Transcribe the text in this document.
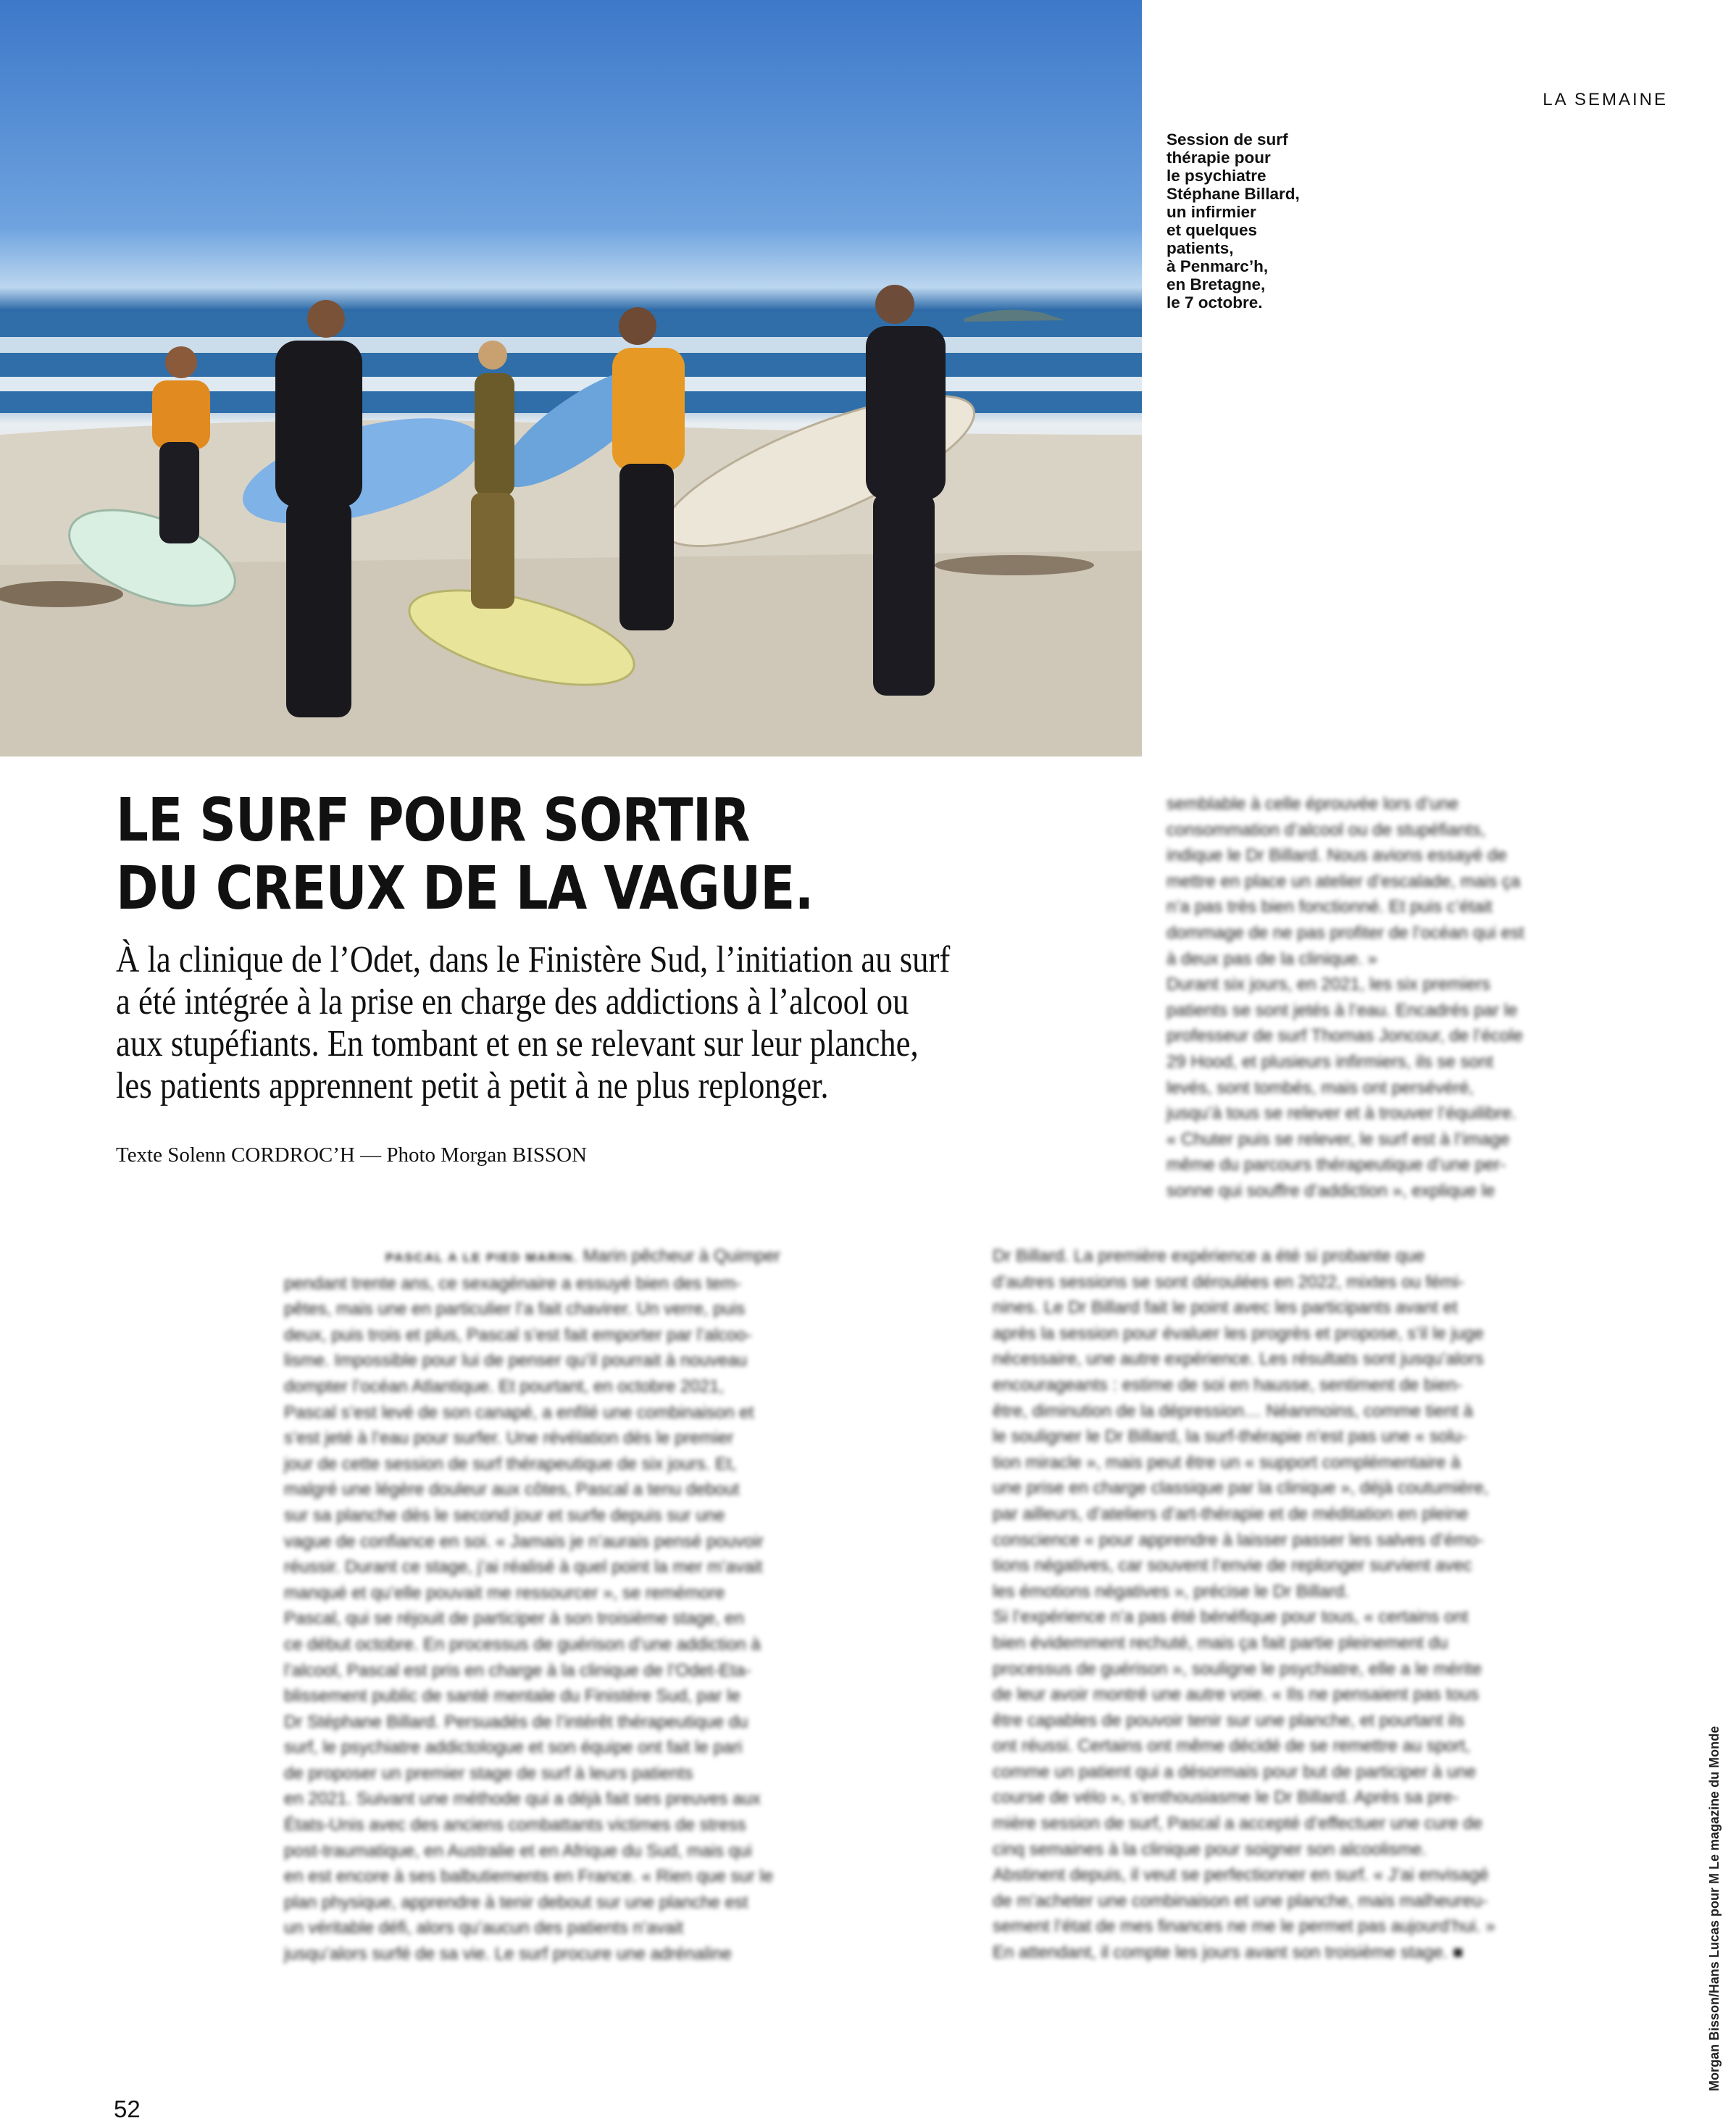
LA SEMAINE
Session de surf
thérapie pour
le psychiatre
Stéphane Billard,
un infirmier
et quelques
patients,
à Penmarc’h,
en Bretagne,
le 7 octobre.
LE SURF POUR SORTIR
DU CREUX DE LA VAGUE.
À la clinique de l’Odet, dans le Finistère Sud, l’initiation au surf
a été intégrée à la prise en charge des addictions à l’alcool ou
aux stupéfiants. En tombant et en se relevant sur leur planche,
les patients apprennent petit à petit à ne plus replonger.
Texte Solenn CORDROC’H — Photo Morgan BISSON
semblable à celle éprouvée lors d’une
consommation d’alcool ou de stupéfiants,
indique le Dr Billard. Nous avions essayé de
mettre en place un atelier d’escalade, mais ça
n’a pas très bien fonctionné. Et puis c’était
dommage de ne pas profiter de l’océan qui est
à deux pas de la clinique. »
Durant six jours, en 2021, les six premiers
patients se sont jetés à l’eau. Encadrés par le
professeur de surf Thomas Joncour, de l’école
29 Hood, et plusieurs infirmiers, ils se sont
levés, sont tombés, mais ont persévéré,
jusqu’à tous se relever et à trouver l’équilibre.
« Chuter puis se relever, le surf est à l’image
même du parcours thérapeutique d’une per-
sonne qui souffre d’addiction », explique le
PASCAL A LE PIED MARIN. Marin pêcheur à Quimper
pendant trente ans, ce sexagénaire a essuyé bien des tem-
pêtes, mais une en particulier l’a fait chavirer. Un verre, puis
deux, puis trois et plus, Pascal s’est fait emporter par l’alcoo-
lisme. Impossible pour lui de penser qu’il pourrait à nouveau
dompter l’océan Atlantique. Et pourtant, en octobre 2021,
Pascal s’est levé de son canapé, a enfilé une combinaison et
s’est jeté à l’eau pour surfer. Une révélation dès le premier
jour de cette session de surf thérapeutique de six jours. Et,
malgré une légère douleur aux côtes, Pascal a tenu debout
sur sa planche dès le second jour et surfe depuis sur une
vague de confiance en soi. « Jamais je n’aurais pensé pouvoir
réussir. Durant ce stage, j’ai réalisé à quel point la mer m’avait
manqué et qu’elle pouvait me ressourcer », se remémore
Pascal, qui se réjouit de participer à son troisième stage, en
ce début octobre. En processus de guérison d’une addiction à
l’alcool, Pascal est pris en charge à la clinique de l’Odet-Eta-
blissement public de santé mentale du Finistère Sud, par le
Dr Stéphane Billard. Persuadés de l’intérêt thérapeutique du
surf, le psychiatre addictologue et son équipe ont fait le pari
de proposer un premier stage de surf à leurs patients
en 2021. Suivant une méthode qui a déjà fait ses preuves aux
États-Unis avec des anciens combattants victimes de stress
post-traumatique, en Australie et en Afrique du Sud, mais qui
en est encore à ses balbutiements en France. « Rien que sur le
plan physique, apprendre à tenir debout sur une planche est
un véritable défi, alors qu’aucun des patients n’avait
jusqu’alors surfé de sa vie. Le surf procure une adrénaline
Dr Billard. La première expérience a été si probante que
d’autres sessions se sont déroulées en 2022, mixtes ou fémi-
nines. Le Dr Billard fait le point avec les participants avant et
après la session pour évaluer les progrès et propose, s’il le juge
nécessaire, une autre expérience. Les résultats sont jusqu’alors
encourageants : estime de soi en hausse, sentiment de bien-
être, diminution de la dépression… Néanmoins, comme tient à
le souligner le Dr Billard, la surf-thérapie n’est pas une « solu-
tion miracle », mais peut être un « support complémentaire à
une prise en charge classique par la clinique », déjà coutumière,
par ailleurs, d’ateliers d’art-thérapie et de méditation en pleine
conscience « pour apprendre à laisser passer les salves d’émo-
tions négatives, car souvent l’envie de replonger survient avec
les émotions négatives », précise le Dr Billard.
Si l’expérience n’a pas été bénéfique pour tous, « certains ont
bien évidemment rechuté, mais ça fait partie pleinement du
processus de guérison », souligne le psychiatre, elle a le mérite
de leur avoir montré une autre voie. « Ils ne pensaient pas tous
être capables de pouvoir tenir sur une planche, et pourtant ils
ont réussi. Certains ont même décidé de se remettre au sport,
comme un patient qui a désormais pour but de participer à une
course de vélo », s’enthousiasme le Dr Billard. Après sa pre-
mière session de surf, Pascal a accepté d’effectuer une cure de
cinq semaines à la clinique pour soigner son alcoolisme.
Abstinent depuis, il veut se perfectionner en surf. « J’ai envisagé
de m’acheter une combinaison et une planche, mais malheureu-
sement l’état de mes finances ne me le permet pas aujourd’hui. »
En attendant, il compte les jours avant son troisième stage. ■
52
Morgan Bisson/Hans Lucas pour M Le magazine du Monde
